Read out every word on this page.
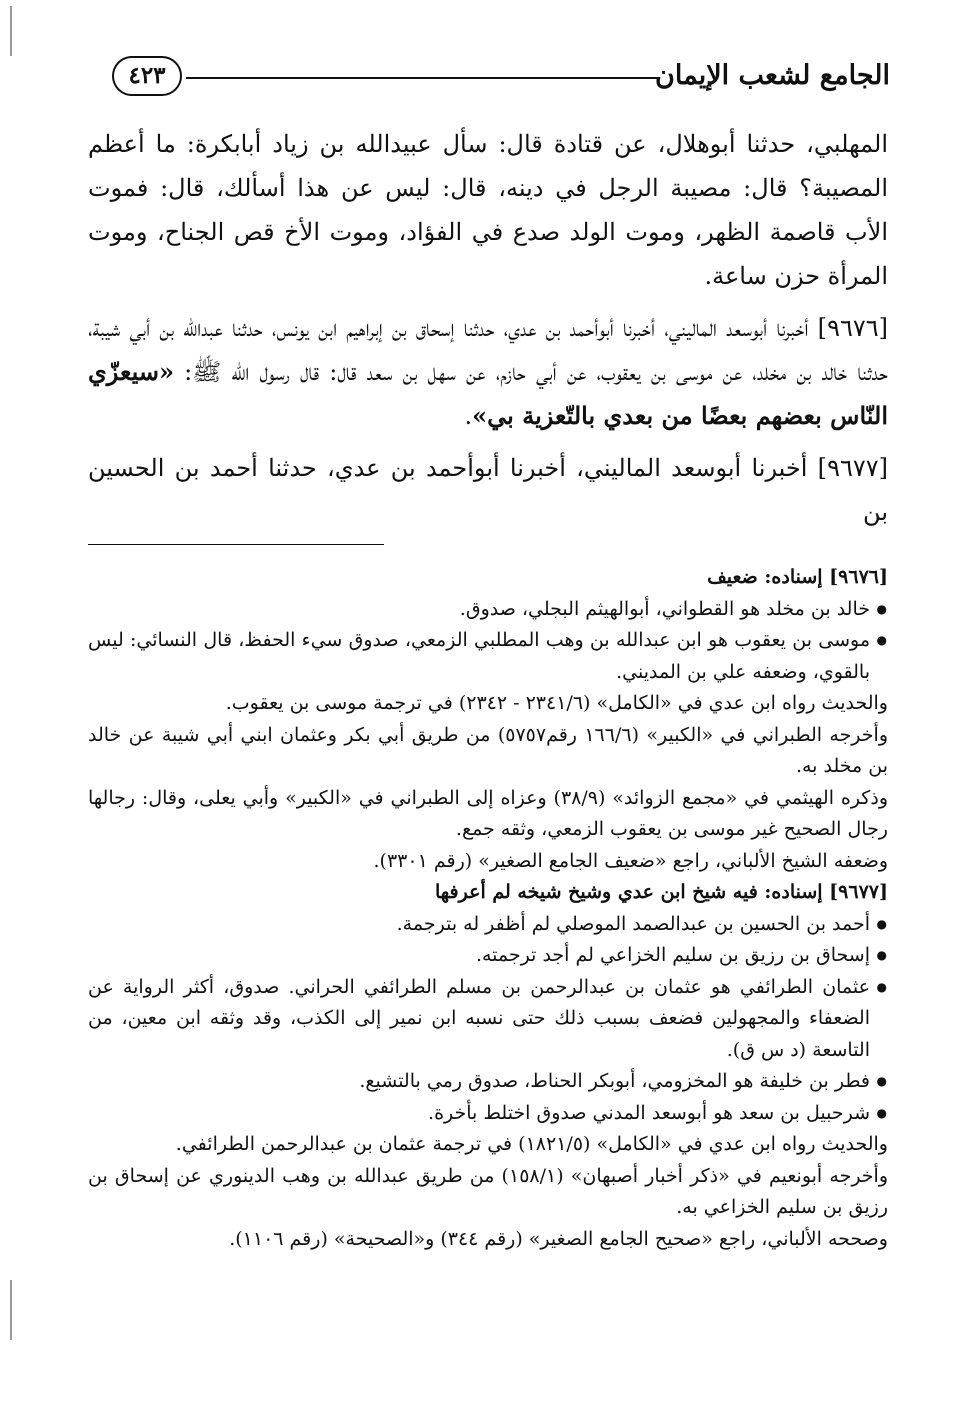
الجامع لشعب الإيمان
٤٢٣

المهلبي، حدثنا أبوهلال، عن قتادة قال: سأل عبيدالله بن زياد أبابكرة: ما أعظم المصيبة؟ قال: مصيبة الرجل في دينه، قال: ليس عن هذا أسألك، قال: فموت الأب قاصمة الظهر، وموت الولد صدع في الفؤاد، وموت الأخ قص الجناح، وموت المرأة حزن ساعة.

[٩٦٧٦] أخبرنا أبوسعد الماليني، أخبرنا أبوأحمد بن عدي، حدثنا إسحاق بن إبراهيم ابن يونس، حدثنا عبدالله بن أبي شيبة، حدثنا خالد بن مخلد، عن موسى بن يعقوب، عن أبي حازم، عن سهل بن سعد قال: قال رسول الله ﷺ: «سيعزّي النّاس بعضهم بعضًا من بعدي بالتّعزية بي».

[٩٦٧٧] أخبرنا أبوسعد الماليني، أخبرنا أبوأحمد بن عدي، حدثنا أحمد بن الحسين بن

[٩٦٧٦] إسناده: ضعيف

● خالد بن مخلد هو القطواني، أبوالهيثم البجلي، صدوق.
● موسى بن يعقوب هو ابن عبدالله بن وهب المطلبي الزمعي، صدوق سيء الحفظ، قال النسائي: ليس بالقوي، وضعفه علي بن المديني.

والحديث رواه ابن عدي في «الكامل» (٢٣٤١/٦ - ٢٣٤٢) في ترجمة موسى بن يعقوب.

وأخرجه الطبراني في «الكبير» (١٦٦/٦ رقم٥٧٥٧) من طريق أبي بكر وعثمان ابني أبي شيبة عن خالد بن مخلد به.

وذكره الهيثمي في «مجمع الزوائد» (٣٨/٩) وعزاه إلى الطبراني في «الكبير» وأبي يعلى، وقال: رجالها رجال الصحيح غير موسى بن يعقوب الزمعي، وثقه جمع.

وضعفه الشيخ الألباني، راجع «ضعيف الجامع الصغير» (رقم ٣٣٠١).

[٩٦٧٧] إسناده: فيه شيخ ابن عدي وشيخ شيخه لم أعرفها

● أحمد بن الحسين بن عبدالصمد الموصلي لم أظفر له بترجمة.
● إسحاق بن رزيق بن سليم الخزاعي لم أجد ترجمته.
● عثمان الطرائفي هو عثمان بن عبدالرحمن بن مسلم الطرائفي الحراني. صدوق، أكثر الرواية عن الضعفاء والمجهولين فضعف بسبب ذلك حتى نسبه ابن نمير إلى الكذب، وقد وثقه ابن معين، من التاسعة (د س ق).
● فطر بن خليفة هو المخزومي، أبوبكر الحناط، صدوق رمي بالتشيع.
● شرحبيل بن سعد هو أبوسعد المدني صدوق اختلط بأخرة.

والحديث رواه ابن عدي في «الكامل» (١٨٢١/٥) في ترجمة عثمان بن عبدالرحمن الطرائفي.

وأخرجه أبونعيم في «ذكر أخبار أصبهان» (١٥٨/١) من طريق عبدالله بن وهب الدينوري عن إسحاق بن رزيق بن سليم الخزاعي به.

وصححه الألباني، راجع «صحيح الجامع الصغير» (رقم ٣٤٤) و«الصحيحة» (رقم ١١٠٦).
